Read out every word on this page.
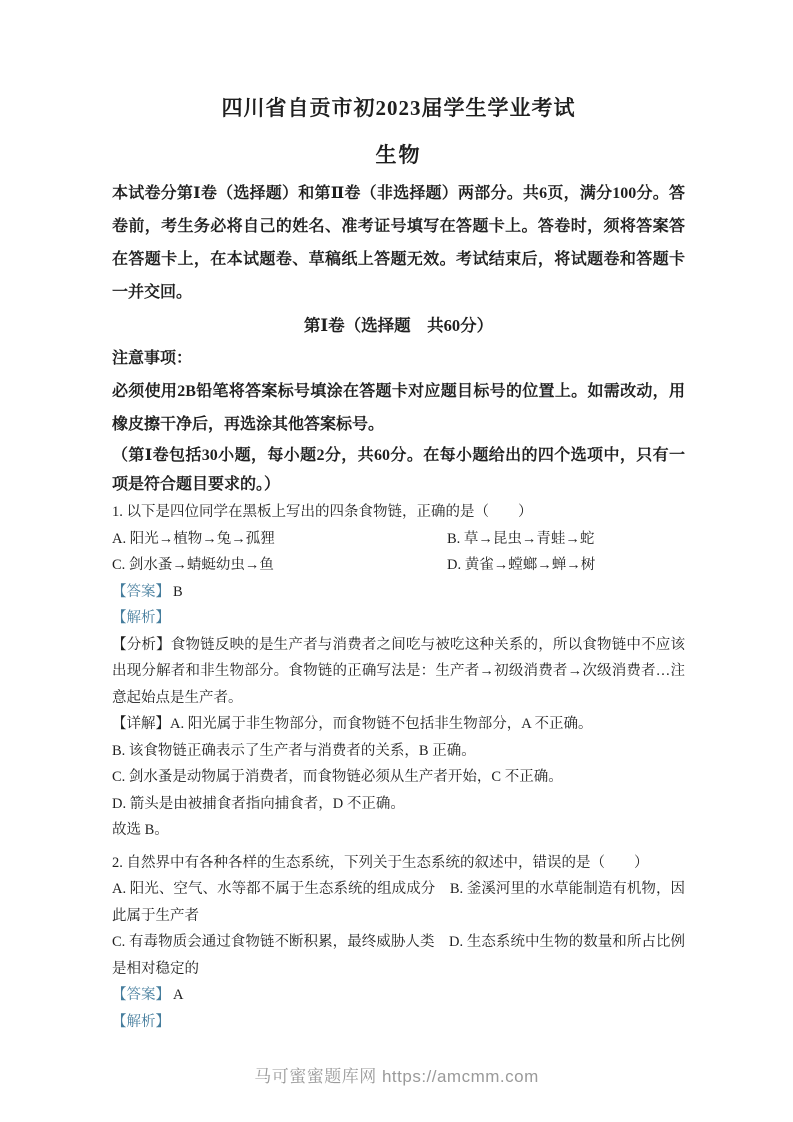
四川省自贡市初2023届学生学业考试
生物

本试卷分第Ⅰ卷（选择题）和第Ⅱ卷（非选择题）两部分。共6页，满分100分。答卷前，考生务必将自己的姓名、准考证号填写在答题卡上。答卷时，须将答案答在答题卡上，在本试题卷、草稿纸上答题无效。考试结束后，将试题卷和答题卡一并交回。

第Ⅰ卷（选择题　共60分）
注意事项：

必须使用2B铅笔将答案标号填涂在答题卡对应题目标号的位置上。如需改动，用橡皮擦干净后，再选涂其他答案标号。

（第Ⅰ卷包括30小题，每小题2分，共60分。在每小题给出的四个选项中，只有一项是符合题目要求的。）

1. 以下是四位同学在黑板上写出的四条食物链，正确的是（　　）

A. 阳光→植物→兔→孤狸	B. 草→昆虫→青蛙→蛇
C. 剑水蚤→蜻蜓幼虫→鱼	D. 黄雀→螳螂→蝉→树

【答案】 B

【解析】

【分析】食物链反映的是生产者与消费者之间吃与被吃这种关系的，所以食物链中不应该出现分解者和非生物部分。食物链的正确写法是：生产者→初级消费者→次级消费者…注意起始点是生产者。

【详解】A. 阳光属于非生物部分，而食物链不包括非生物部分，A 不正确。

B. 该食物链正确表示了生产者与消费者的关系，B 正确。

C. 剑水蚤是动物属于消费者，而食物链必须从生产者开始，C 不正确。

D. 箭头是由被捕食者指向捕食者，D 不正确。

故选 B。

2. 自然界中有各种各样的生态系统，下列关于生态系统的叙述中，错误的是（　　）

A. 阳光、空气、水等都不属于生态系统的组成成分　B. 釜溪河里的水草能制造有机物，因此属于生产者

C. 有毒物质会通过食物链不断积累，最终威胁人类　D. 生态系统中生物的数量和所占比例是相对稳定的

【答案】 A

【解析】

马可蜜蜜题库网 https://amcmm.com
